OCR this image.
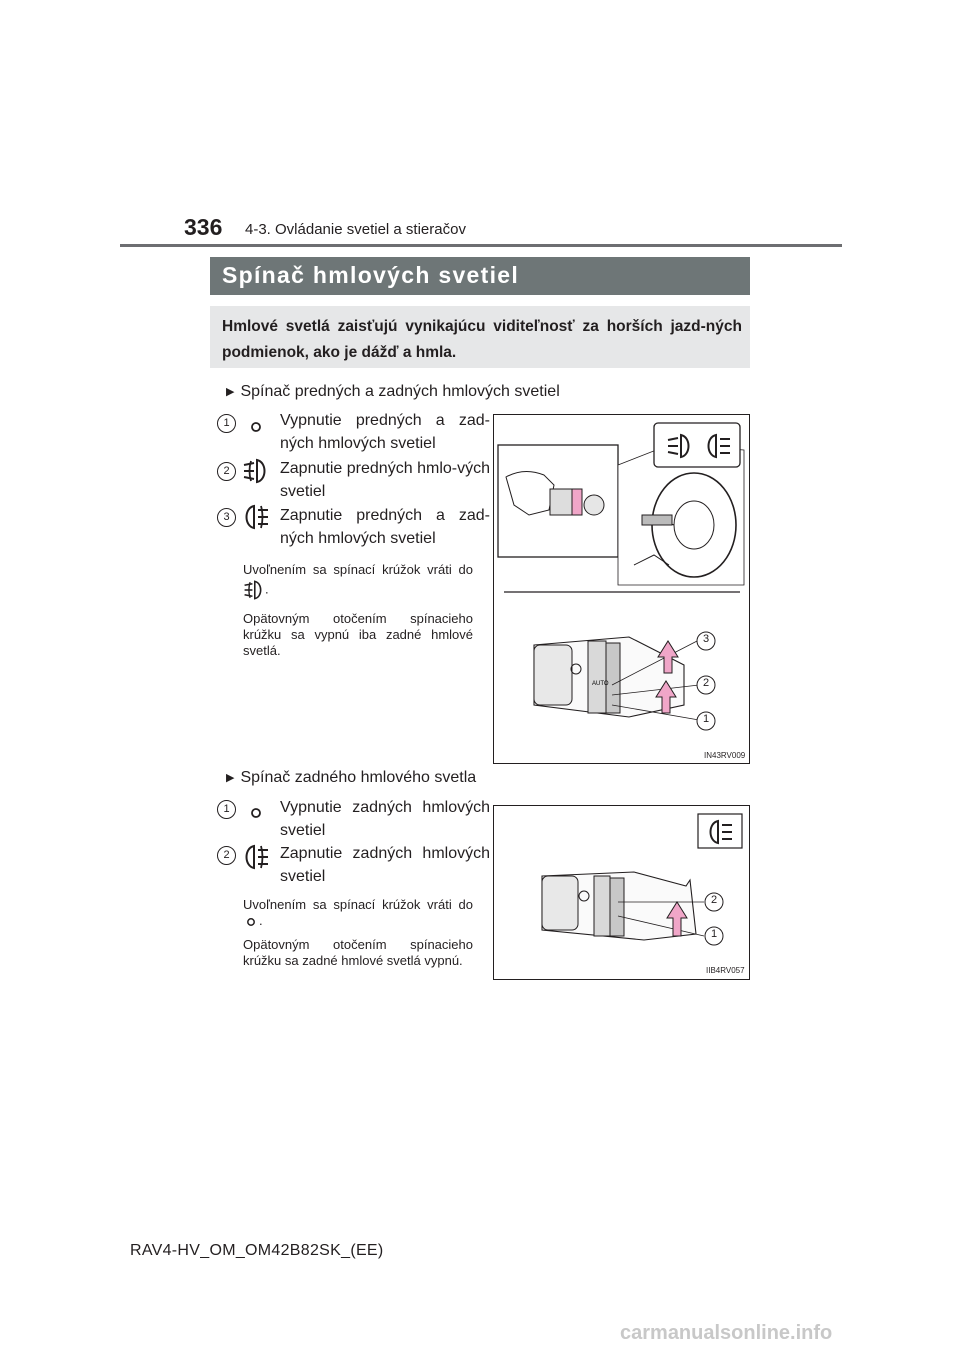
336 4-3. Ovládanie svetiel a stieračov
Spínač hmlových svetiel
Hmlové svetlá zaisťujú vynikajúcu viditeľnosť za horších jazd-ných podmienok, ako je dážď a hmla.
▶ Spínač predných a zadných hmlových svetiel
1	Vypnutie predných a zad-ných hmlových svetiel
2	Zapnutie predných hmlo-vých svetiel
3	Zapnutie predných a zad-ných hmlových svetiel
Uvoľnením sa spínací krúžok vráti do .
Opätovným otočením spínacieho krúžku sa vypnú iba zadné hmlové svetlá.
AUTO
3
2
1
IN43RV009
▶ Spínač zadného hmlového svetla
1	Vypnutie zadných hmlových svetiel
2	Zapnutie zadných hmlových svetiel
Uvoľnením sa spínací krúžok vráti do .
Opätovným otočením spínacieho krúžku sa zadné hmlové svetlá vypnú.
2
1
IIB4RV057
RAV4-HV_OM_OM42B82SK_(EE)
carmanualsonline.info
